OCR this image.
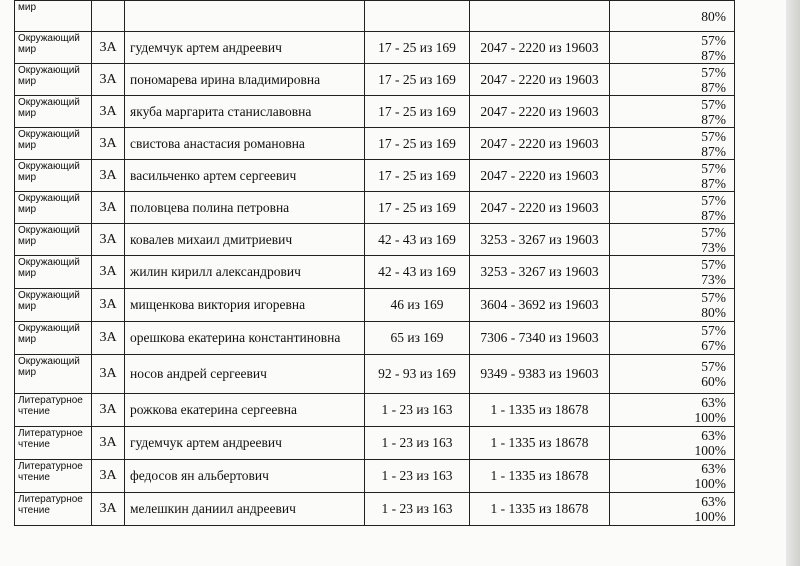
мир					80%

Окружающий мир	3А	гудемчук артем андреевич	17 - 25 из 169	2047 - 2220 из 19603	57%
87%

Окружающий мир	3А	пономарева ирина владимировна	17 - 25 из 169	2047 - 2220 из 19603	57%
87%

Окружающий мир	3А	якуба маргарита станиславовна	17 - 25 из 169	2047 - 2220 из 19603	57%
87%

Окружающий мир	3А	свистова анастасия романовна	17 - 25 из 169	2047 - 2220 из 19603	57%
87%

Окружающий мир	3А	васильченко артем сергеевич	17 - 25 из 169	2047 - 2220 из 19603	57%
87%

Окружающий мир	3А	половцева полина петровна	17 - 25 из 169	2047 - 2220 из 19603	57%
87%

Окружающий мир	3А	ковалев михаил дмитриевич	42 - 43 из 169	3253 - 3267 из 19603	57%
73%

Окружающий мир	3А	жилин кирилл александрович	42 - 43 из 169	3253 - 3267 из 19603	57%
73%

Окружающий мир	3А	мищенкова виктория игоревна	46 из 169	3604 - 3692 из 19603	57%
80%

Окружающий мир	3А	орешкова екатерина константиновна	65 из 169	7306 - 7340 из 19603	57%
67%

Окружающий мир	3А	носов андрей сергеевич	92 - 93 из 169	9349 - 9383 из 19603	57%
60%

Литературное чтение	3А	рожкова екатерина сергеевна	1 - 23 из 163	1 - 1335 из 18678	63%
100%

Литературное чтение	3А	гудемчук артем андреевич	1 - 23 из 163	1 - 1335 из 18678	63%
100%

Литературное чтение	3А	федосов ян альбертович	1 - 23 из 163	1 - 1335 из 18678	63%
100%

Литературное чтение	3А	мелешкин даниил андреевич	1 - 23 из 163	1 - 1335 из 18678	63%
100%
